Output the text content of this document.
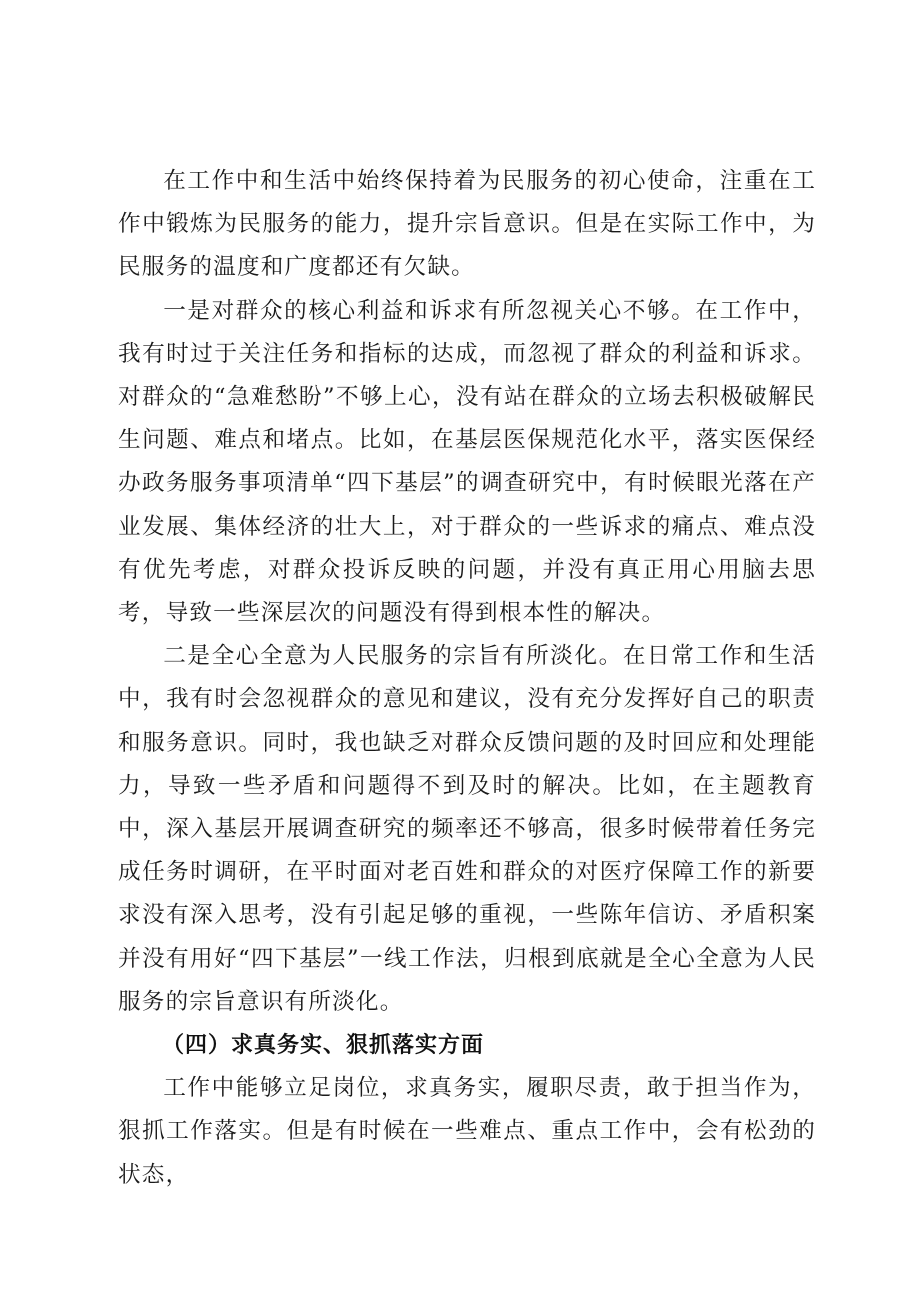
在工作中和生活中始终保持着为民服务的初心使命，注重在工作中锻炼为民服务的能力，提升宗旨意识。但是在实际工作中，为民服务的温度和广度都还有欠缺。

一是对群众的核心利益和诉求有所忽视关心不够。在工作中，我有时过于关注任务和指标的达成，而忽视了群众的利益和诉求。对群众的“急难愁盼”不够上心，没有站在群众的立场去积极破解民生问题、难点和堵点。比如，在基层医保规范化水平，落实医保经办政务服务事项清单“四下基层”的调查研究中，有时候眼光落在产业发展、集体经济的壮大上，对于群众的一些诉求的痛点、难点没有优先考虑，对群众投诉反映的问题，并没有真正用心用脑去思考，导致一些深层次的问题没有得到根本性的解决。

二是全心全意为人民服务的宗旨有所淡化。在日常工作和生活中，我有时会忽视群众的意见和建议，没有充分发挥好自己的职责和服务意识。同时，我也缺乏对群众反馈问题的及时回应和处理能力，导致一些矛盾和问题得不到及时的解决。比如，在主题教育中，深入基层开展调查研究的频率还不够高，很多时候带着任务完成任务时调研，在平时面对老百姓和群众的对医疗保障工作的新要求没有深入思考，没有引起足够的重视，一些陈年信访、矛盾积案并没有用好“四下基层”一线工作法，归根到底就是全心全意为人民服务的宗旨意识有所淡化。

（四）求真务实、狠抓落实方面

工作中能够立足岗位，求真务实，履职尽责，敢于担当作为，狠抓工作落实。但是有时候在一些难点、重点工作中，会有松劲的状态，
